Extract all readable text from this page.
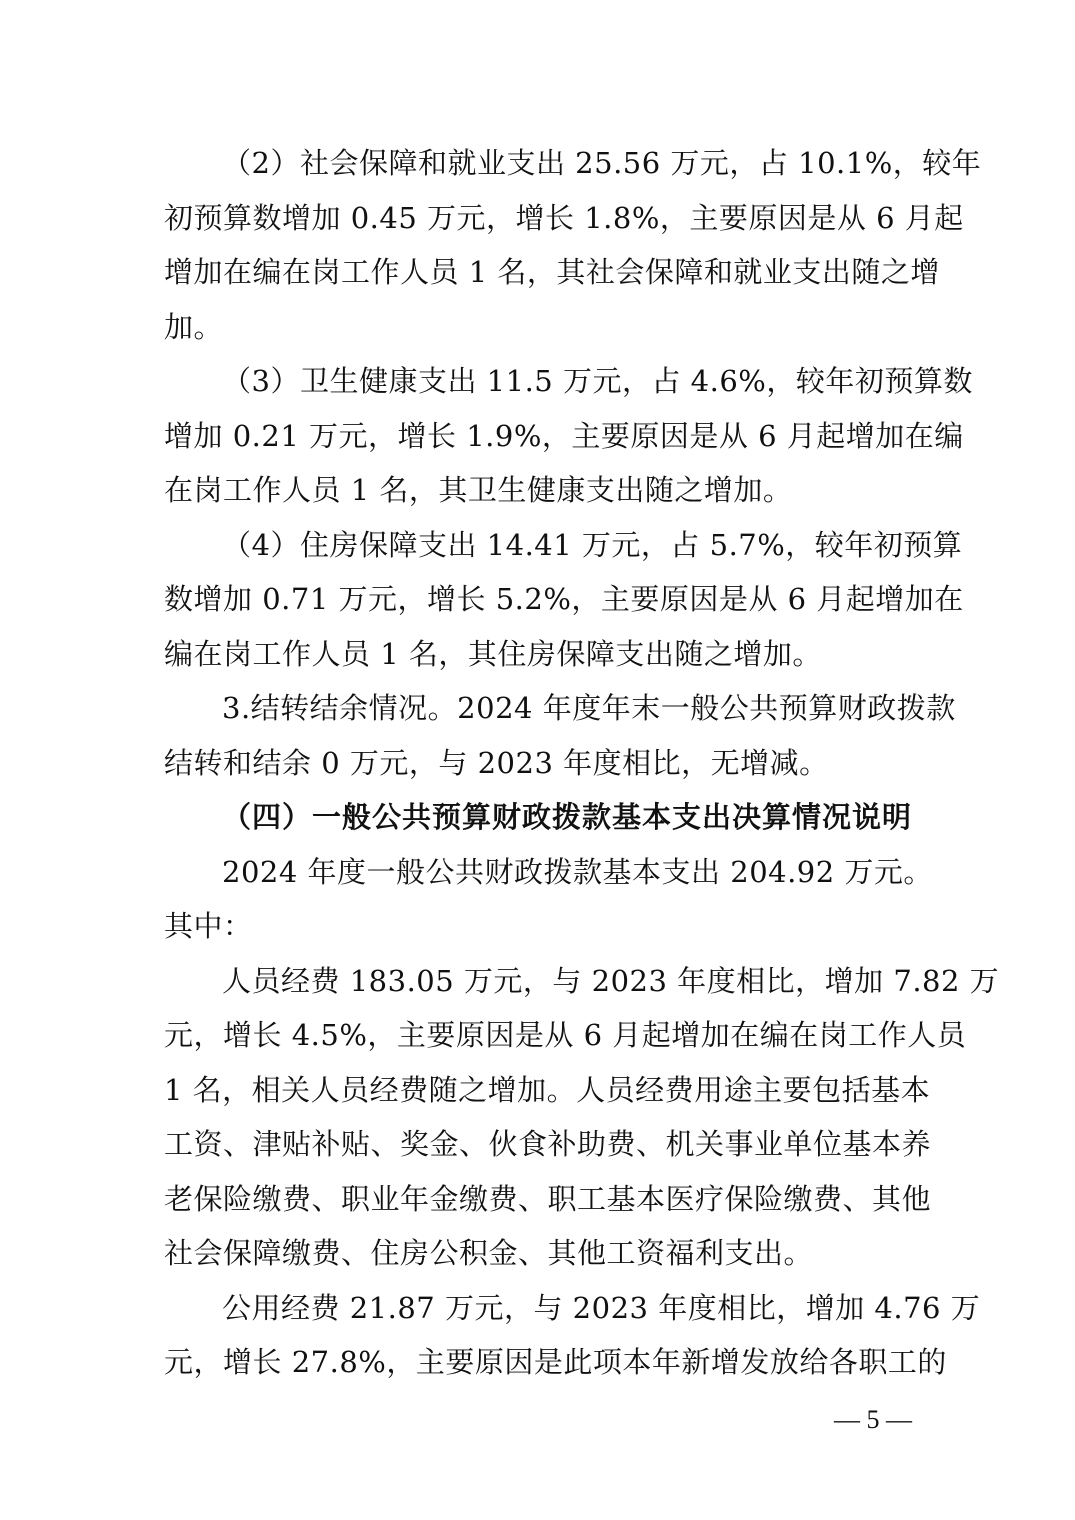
（2）社会保障和就业支出 25.56 万元，占 10.1%，较年
初预算数增加 0.45 万元，增长 1.8%，主要原因是从 6 月起
增加在编在岗工作人员 1 名，其社会保障和就业支出随之增
加。
（3）卫生健康支出 11.5 万元，占 4.6%，较年初预算数
增加 0.21 万元，增长 1.9%，主要原因是从 6 月起增加在编
在岗工作人员 1 名，其卫生健康支出随之增加。
（4）住房保障支出 14.41 万元，占 5.7%，较年初预算
数增加 0.71 万元，增长 5.2%，主要原因是从 6 月起增加在
编在岗工作人员 1 名，其住房保障支出随之增加。
3.结转结余情况。2024 年度年末一般公共预算财政拨款
结转和结余 0 万元，与 2023 年度相比，无增减。
（四）一般公共预算财政拨款基本支出决算情况说明
2024 年度一般公共财政拨款基本支出 204.92 万元。
其中：
人员经费 183.05 万元，与 2023 年度相比，增加 7.82 万
元，增长 4.5%，主要原因是从 6 月起增加在编在岗工作人员
1 名，相关人员经费随之增加。人员经费用途主要包括基本
工资、津贴补贴、奖金、伙食补助费、机关事业单位基本养
老保险缴费、职业年金缴费、职工基本医疗保险缴费、其他
社会保障缴费、住房公积金、其他工资福利支出。
公用经费 21.87 万元，与 2023 年度相比，增加 4.76 万
元，增长 27.8%，主要原因是此项本年新增发放给各职工的
— 5 —
